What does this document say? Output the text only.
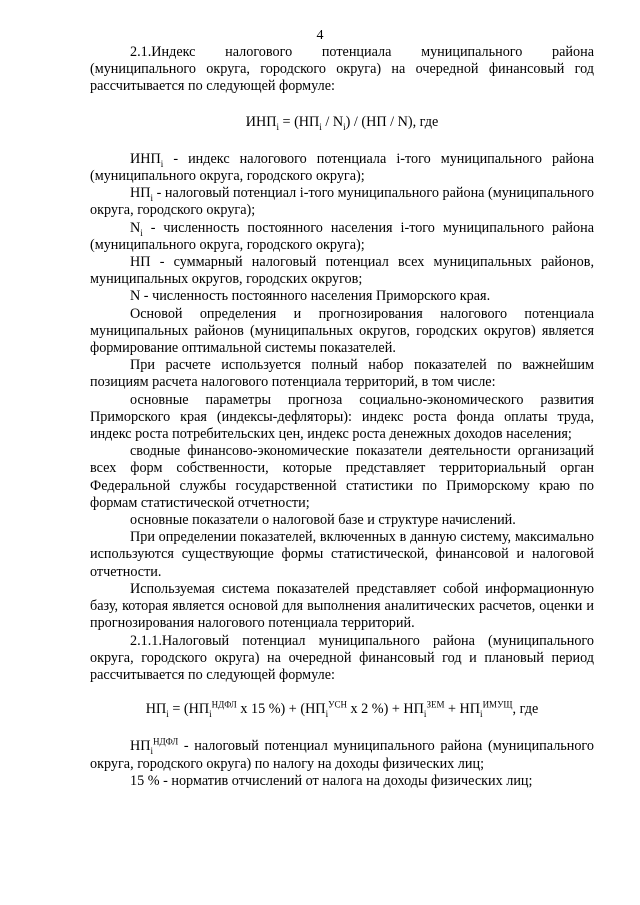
4

2.1.Индекс налогового потенциала муниципального района (муниципального округа, городского округа) на очередной финансовый год рассчитывается по следующей формуле:

$ИНП_i = (НП_i / N_i) / (НП / N)$, где

$ИНП_i$ - индекс налогового потенциала i-того муниципального района (муниципального округа, городского округа);

$НП_i$ - налоговый потенциал i-того муниципального района (муниципального округа, городского округа);

$N_i$ - численность постоянного населения i-того муниципального района (муниципального округа, городского округа);

НП - суммарный налоговый потенциал всех муниципальных районов, муниципальных округов, городских округов;

N - численность постоянного населения Приморского края.

Основой определения и прогнозирования налогового потенциала муниципальных районов (муниципальных округов, городских округов) является формирование оптимальной системы показателей.

При расчете используется полный набор показателей по важнейшим позициям расчета налогового потенциала территорий, в том числе:

основные параметры прогноза социально-экономического развития Приморского края (индексы-дефляторы): индекс роста фонда оплаты труда, индекс роста потребительских цен, индекс роста денежных доходов населения;

сводные финансово-экономические показатели деятельности организаций всех форм собственности, которые представляет территориальный орган Федеральной службы государственной статистики по Приморскому краю по формам статистической отчетности;

основные показатели о налоговой базе и структуре начислений.

При определении показателей, включенных в данную систему, максимально используются существующие формы статистической, финансовой и налоговой отчетности.

Используемая система показателей представляет собой информационную базу, которая является основой для выполнения аналитических расчетов, оценки и прогнозирования налогового потенциала территорий.

2.1.1.Налоговый потенциал муниципального района (муниципального округа, городского округа) на очередной финансовый год и плановый период рассчитывается по следующей формуле:

$НП_i = (НП_i^{НДФЛ}$ x 15 %) + ($НП_i^{УСН}$ x 2 %) + $НП_i^{ЗЕМ} + НП_i^{ИМУЩ}$, где

$НП_i^{НДФЛ}$ - налоговый потенциал муниципального района (муниципального округа, городского округа) по налогу на доходы физических лиц;

15 % - норматив отчислений от налога на доходы физических лиц;
